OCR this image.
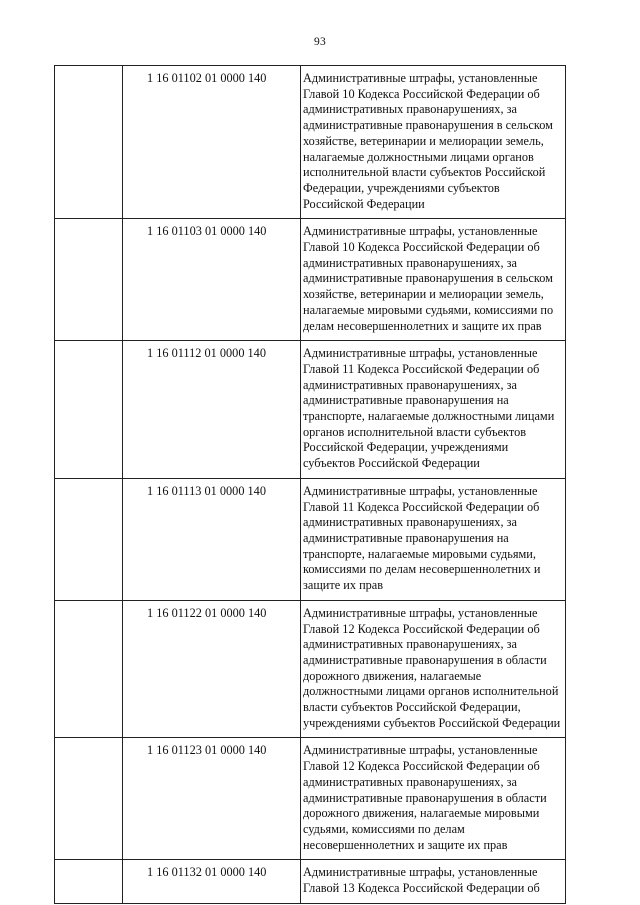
93

	1 16 01102 01 0000 140	Административные штрафы, установленные Главой 10 Кодекса Российской Федерации об административных правонарушениях, за административные правонарушения в сельском хозяйстве, ветеринарии и мелиорации земель, налагаемые должностными лицами органов исполнительной власти субъектов Российской Федерации, учреждениями субъектов Российской Федерации

	1 16 01103 01 0000 140	Административные штрафы, установленные Главой 10 Кодекса Российской Федерации об административных правонарушениях, за административные правонарушения в сельском хозяйстве, ветеринарии и мелиорации земель, налагаемые мировыми судьями, комиссиями по делам несовершеннолетних и защите их прав

	1 16 01112 01 0000 140	Административные штрафы, установленные Главой 11 Кодекса Российской Федерации об административных правонарушениях, за административные правонарушения на транспорте, налагаемые должностными лицами органов исполнительной власти субъектов Российской Федерации, учреждениями субъектов Российской Федерации

	1 16 01113 01 0000 140	Административные штрафы, установленные Главой 11 Кодекса Российской Федерации об административных правонарушениях, за административные правонарушения на транспорте, налагаемые мировыми судьями, комиссиями по делам несовершеннолетних и защите их прав

	1 16 01122 01 0000 140	Административные штрафы, установленные Главой 12 Кодекса Российской Федерации об административных правонарушениях, за административные правонарушения в области дорожного движения, налагаемые должностными лицами органов исполнительной власти субъектов Российской Федерации, учреждениями субъектов Российской Федерации

	1 16 01123 01 0000 140	Административные штрафы, установленные Главой 12 Кодекса Российской Федерации об административных правонарушениях, за административные правонарушения в области дорожного движения, налагаемые мировыми судьями, комиссиями по делам несовершеннолетних и защите их прав

	1 16 01132 01 0000 140	Административные штрафы, установленные Главой 13 Кодекса Российской Федерации об
